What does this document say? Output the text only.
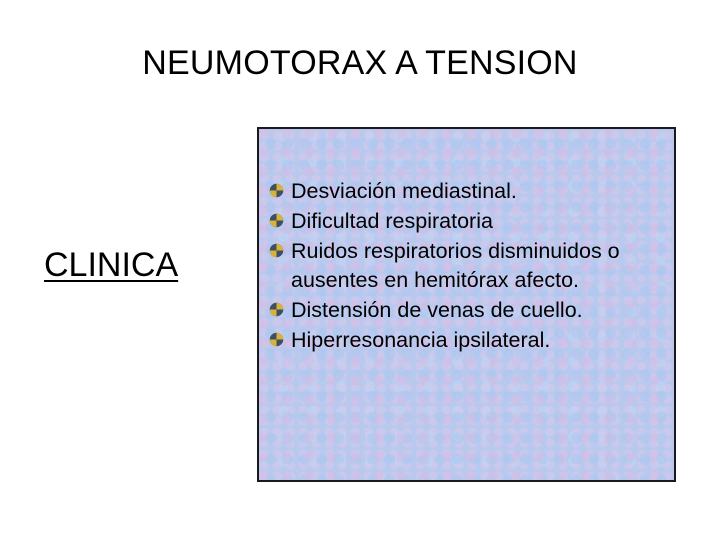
NEUMOTORAX A TENSION
CLINICA
Desviación mediastinal.
Dificultad respiratoria
Ruidos respiratorios disminuidos o ausentes en hemitórax afecto.
Distensión de venas de cuello.
Hiperresonancia ipsilateral.
